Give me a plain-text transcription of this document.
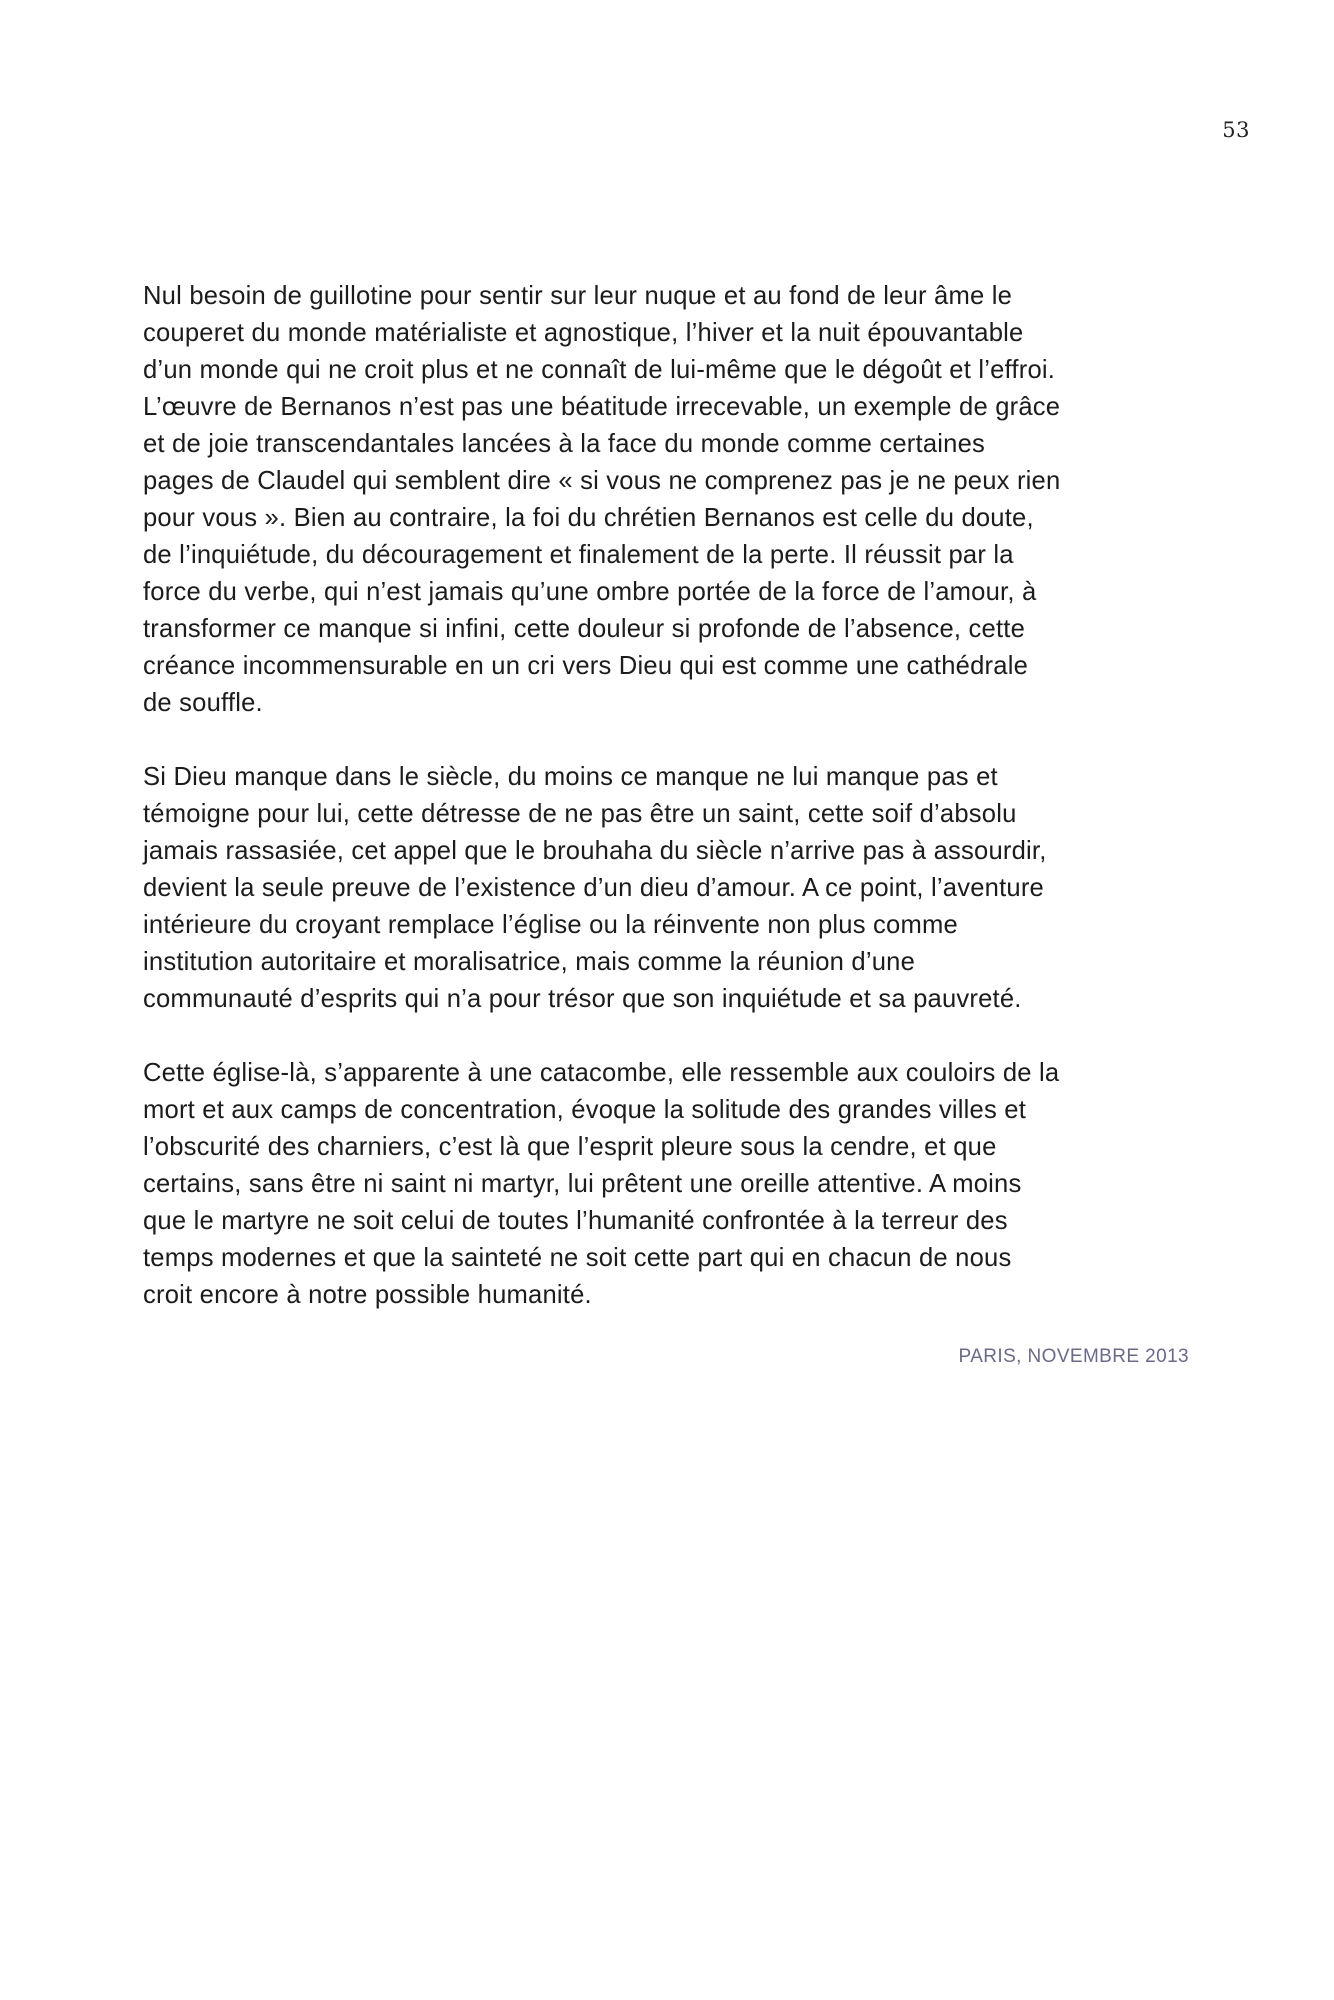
53

Nul besoin de guillotine pour sentir sur leur nuque et au fond de leur âme le
couperet du monde matérialiste et agnostique, l’hiver et la nuit épouvantable
d’un monde qui ne croit plus et ne connaît de lui-même que le dégoût et l’effroi.
L’œuvre de Bernanos n’est pas une béatitude irrecevable, un exemple de grâce
et de joie transcendantales lancées à la face du monde comme certaines
pages de Claudel qui semblent dire « si vous ne comprenez pas je ne peux rien
pour vous ». Bien au contraire, la foi du chrétien Bernanos est celle du doute,
de l’inquiétude, du découragement et finalement de la perte. Il réussit par la
force du verbe, qui n’est jamais qu’une ombre portée de la force de l’amour, à
transformer ce manque si infini, cette douleur si profonde de l’absence, cette
créance incommensurable en un cri vers Dieu qui est comme une cathédrale
de souffle.

Si Dieu manque dans le siècle, du moins ce manque ne lui manque pas et
témoigne pour lui, cette détresse de ne pas être un saint, cette soif d’absolu
jamais rassasiée, cet appel que le brouhaha du siècle n’arrive pas à assourdir,
devient la seule preuve de l’existence d’un dieu d’amour. A ce point, l’aventure
intérieure du croyant remplace l’église ou la réinvente non plus comme
institution autoritaire et moralisatrice, mais comme la réunion d’une
communauté d’esprits qui n’a pour trésor que son inquiétude et sa pauvreté.

Cette église-là, s’apparente à une catacombe, elle ressemble aux couloirs de la
mort et aux camps de concentration, évoque la solitude des grandes villes et
l’obscurité des charniers, c’est là que l’esprit pleure sous la cendre, et que
certains, sans être ni saint ni martyr, lui prêtent une oreille attentive. A moins
que le martyre ne soit celui de toutes l’humanité confrontée à la terreur des
temps modernes et que la sainteté ne soit cette part qui en chacun de nous
croit encore à notre possible humanité.

PARIS, NOVEMBRE 2013
